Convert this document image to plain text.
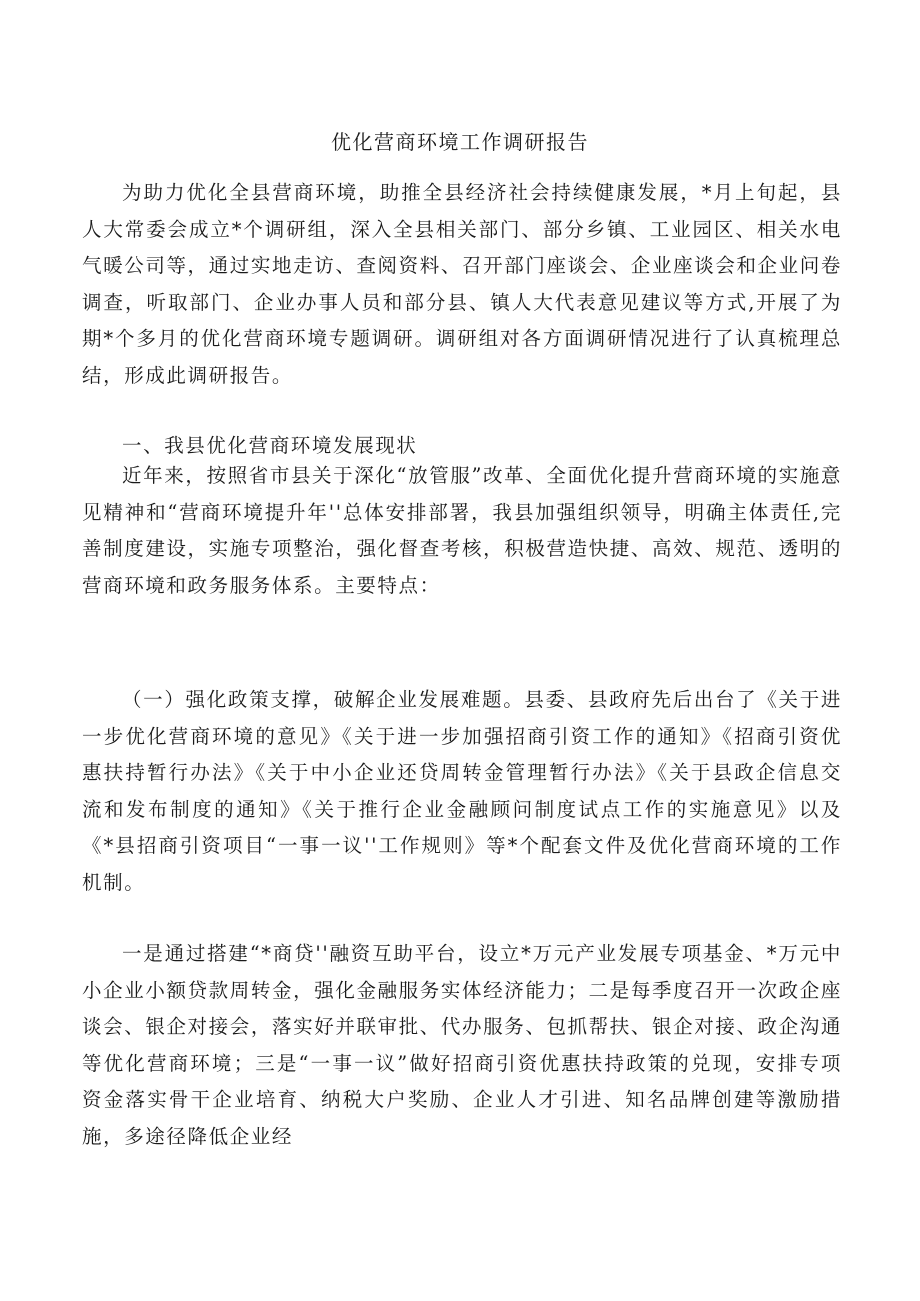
优化营商环境工作调研报告

为助力优化全县营商环境，助推全县经济社会持续健康发展，*月上旬起，县人大常委会成立*个调研组，深入全县相关部门、部分乡镇、工业园区、相关水电气暖公司等，通过实地走访、查阅资料、召开部门座谈会、企业座谈会和企业问卷调查，听取部门、企业办事人员和部分县、镇人大代表意见建议等方式,开展了为期*个多月的优化营商环境专题调研。调研组对各方面调研情况进行了认真梳理总结，形成此调研报告。

一、我县优化营商环境发展现状

近年来，按照省市县关于深化“放管服”改革、全面优化提升营商环境的实施意见精神和“营商环境提升年''总体安排部署，我县加强组织领导，明确主体责任,完善制度建设，实施专项整治，强化督查考核，积极营造快捷、高效、规范、透明的营商环境和政务服务体系。主要特点：

（一）强化政策支撑，破解企业发展难题。县委、县政府先后出台了《关于进一步优化营商环境的意见》《关于进一步加强招商引资工作的通知》《招商引资优惠扶持暂行办法》《关于中小企业还贷周转金管理暂行办法》《关于县政企信息交流和发布制度的通知》《关于推行企业金融顾问制度试点工作的实施意见》以及《*县招商引资项目“一事一议''工作规则》等*个配套文件及优化营商环境的工作机制。

一是通过搭建“*商贷''融资互助平台，设立*万元产业发展专项基金、*万元中小企业小额贷款周转金，强化金融服务实体经济能力；二是每季度召开一次政企座谈会、银企对接会，落实好并联审批、代办服务、包抓帮扶、银企对接、政企沟通等优化营商环境；三是“一事一议”做好招商引资优惠扶持政策的兑现，安排专项资金落实骨干企业培育、纳税大户奖励、企业人才引进、知名品牌创建等激励措施，多途径降低企业经
